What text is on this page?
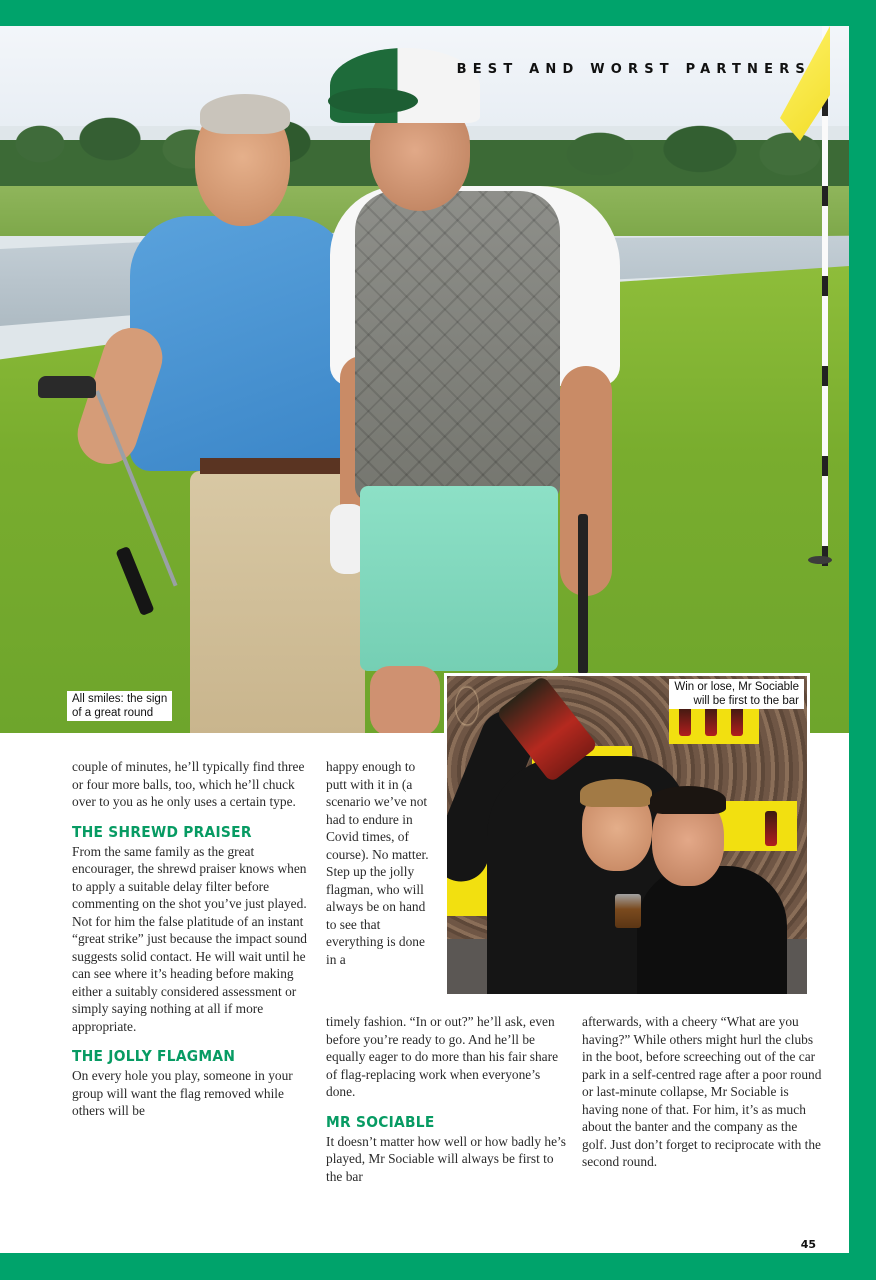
All smiles: the sign
of a great round
BEST AND WORST PARTNERS
Win or lose, Mr Sociable
will be first to the bar

couple of minutes, he’ll typically find three or four more balls, too, which he’ll chuck over to you as he only uses a certain type.

THE SHREWD PRAISER

From the same family as the great encourager, the shrewd praiser knows when to apply a suitable delay filter before commenting on the shot you’ve just played. Not for him the false platitude of an instant “great strike” just because the impact sound suggests solid contact. He will wait until he can see where it’s heading before making either a suitably considered assessment or simply saying nothing at all if more appropriate.

THE JOLLY FLAGMAN

On every hole you play, someone in your group will want the flag removed while others will be

happy enough to putt with it in (a scenario we’ve not had to endure in Covid times, of course). No matter. Step up the jolly flagman, who will always be on hand to see that everything is done in a

timely fashion. “In or out?” he’ll ask, even before you’re ready to go. And he’ll be equally eager to do more than his fair share of flag-replacing work when everyone’s done.

MR SOCIABLE

It doesn’t matter how well or how badly he’s played, Mr Sociable will always be first to the bar

afterwards, with a cheery “What are you having?” While others might hurl the clubs in the boot, before screeching out of the car park in a self-centred rage after a poor round or last-minute collapse, Mr Sociable is having none of that. For him, it’s as much about the banter and the company as the golf. Just don’t forget to reciprocate with the second round.

45
